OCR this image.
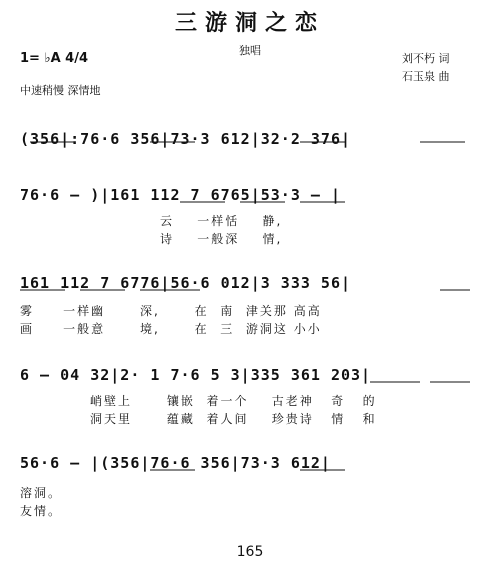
三游洞之恋
独唱
刘不朽 词
石玉泉 曲
1= ♭A 4/4
中速稍慢 深情地
(356|:76·6 356|73·3 612|32·2 376|
76·6 – )|161 112 7 6765|53·3 – |
云    一样恬    静,
诗    一般深    情,
161 112 7 6776|56·6 012|3 333 56|
雾     一样幽      深,      在  南  津关那 高高
画     一般意      境,      在  三  游洞这 小小
6 – 04 32|2· 1 7·6 5 3|335 361 203|
峭壁上      镶嵌  着一个    古老神   奇   的
洞天里      蕴藏  着人间    珍贵诗   情   和
56·6 – |(356|76·6 356|73·3 612|
溶洞。
友情。
165
